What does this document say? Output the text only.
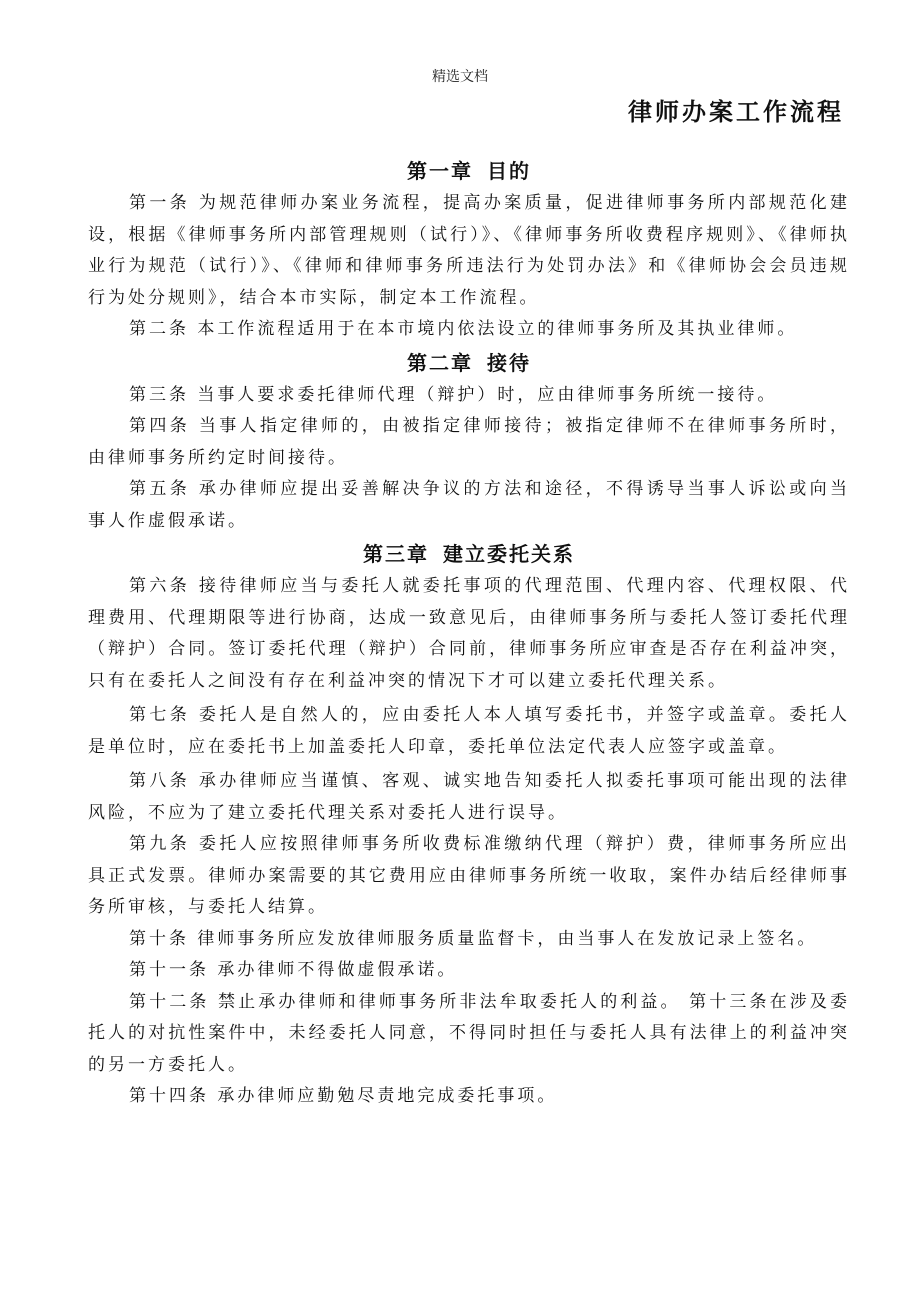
精选文档
律师办案工作流程

第一章 目的

第一条 为规范律师办案业务流程，提高办案质量，促进律师事务所内部规范化建设，根据《律师事务所内部管理规则（试行）》、《律师事务所收费程序规则》、《律师执业行为规范（试行）》、《律师和律师事务所违法行为处罚办法》和《律师协会会员违规行为处分规则》，结合本市实际，制定本工作流程。

第二条 本工作流程适用于在本市境内依法设立的律师事务所及其执业律师。

第二章 接待

第三条 当事人要求委托律师代理（辩护）时，应由律师事务所统一接待。

第四条 当事人指定律师的，由被指定律师接待；被指定律师不在律师事务所时，由律师事务所约定时间接待。

第五条 承办律师应提出妥善解决争议的方法和途径，不得诱导当事人诉讼或向当事人作虚假承诺。

第三章 建立委托关系

第六条 接待律师应当与委托人就委托事项的代理范围、代理内容、代理权限、代理费用、代理期限等进行协商，达成一致意见后，由律师事务所与委托人签订委托代理（辩护）合同。签订委托代理（辩护）合同前，律师事务所应审查是否存在利益冲突，只有在委托人之间没有存在利益冲突的情况下才可以建立委托代理关系。

第七条 委托人是自然人的，应由委托人本人填写委托书，并签字或盖章。委托人是单位时，应在委托书上加盖委托人印章，委托单位法定代表人应签字或盖章。

第八条 承办律师应当谨慎、客观、诚实地告知委托人拟委托事项可能出现的法律风险，不应为了建立委托代理关系对委托人进行误导。

第九条 委托人应按照律师事务所收费标准缴纳代理（辩护）费，律师事务所应出具正式发票。律师办案需要的其它费用应由律师事务所统一收取，案件办结后经律师事务所审核，与委托人结算。

第十条 律师事务所应发放律师服务质量监督卡，由当事人在发放记录上签名。

第十一条 承办律师不得做虚假承诺。

第十二条 禁止承办律师和律师事务所非法牟取委托人的利益。 第十三条在涉及委托人的对抗性案件中，未经委托人同意，不得同时担任与委托人具有法律上的利益冲突的另一方委托人。

第十四条 承办律师应勤勉尽责地完成委托事项。
